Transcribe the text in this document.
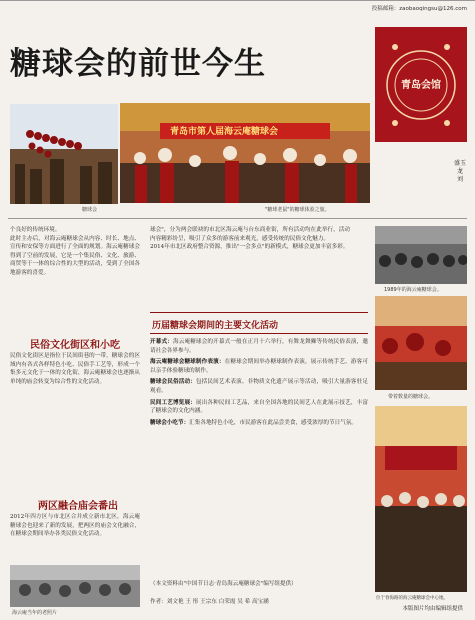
投稿邮箱：zaobaoqingsu@126.com
糖球会的前世今生
盛玉
龙
刘
糖球会
青岛市第人届海云庵糖球会
"糖球老鼠"的糖球体验之旅。
青岛会馆
个良好的传统环境。
此时主办后，对海云庵糖球会从内容、时长、地点、宣传和安保等方面进行了全面的规划。海云庵糖球会得到了空前的发展，它是一个集民俗、文化、旅游、商贸等于一体的综合性的大型的活动，受到了全国各地游客的喜爱。
民俗文化街区和小吃
民俗文化街区是指位于民间街巷的一带，糖球会的区域内有各式各样特色小吃、民俗手工艺等，形成一个集多元文化于一体的文化街，海云庵糖球会也逐渐从单纯的庙会转变为综合性的文化活动。
两区融合庙会番出
2012年四方区与市北区合并成立新市北区，海云庵糖球会也迎来了新的发展，把两区的庙会文化融合，在糖球会期间举办各类民俗文化活动。
海云庵当年的老照片
球会"，分为两会联袂的市北区海云庵与台东商业街，所有活动均在此举行，活动内容精彩纷呈，吸引了众多的游客前来观光，感受传统的民俗文化魅力。
2014年市北区政府整合资源，推出"一会多点"的新模式，糖球会更加丰富多彩。
历届糖球会期间的主要文化活动
开幕式：海云庵糖球会的开幕式一般在正月十六举行，有舞龙舞狮等传统民俗表演，邀请社会各界参与。
海云庵糖球会糖球制作表演：在糖球会期间举办糖球制作表演，展示传统手艺，游客可以亲手体验糖球的制作。
糖球会民俗活动：包括民间艺术表演、非物质文化遗产展示等活动，吸引大量游客驻足观看。
民间工艺博览展：展出各种民间工艺品，来自全国各地的民间艺人在此展示技艺，丰富了糖球会的文化内涵。
糖球会小吃节：汇集各地特色小吃，市民游客在此品尝美食，感受浓厚的节日气氛。
（本文资料由"中国节日志·青岛海云庵糖球会"编写组提供）
作者：刘文艳 王 彤 王宗东 白荣霞 吴 希 高宝涵
1989年的海云庵糖球会。
带着数量的糖球会。
位于春海路的海云庵糖球会中心地。
本版图片均由编辑组提供
